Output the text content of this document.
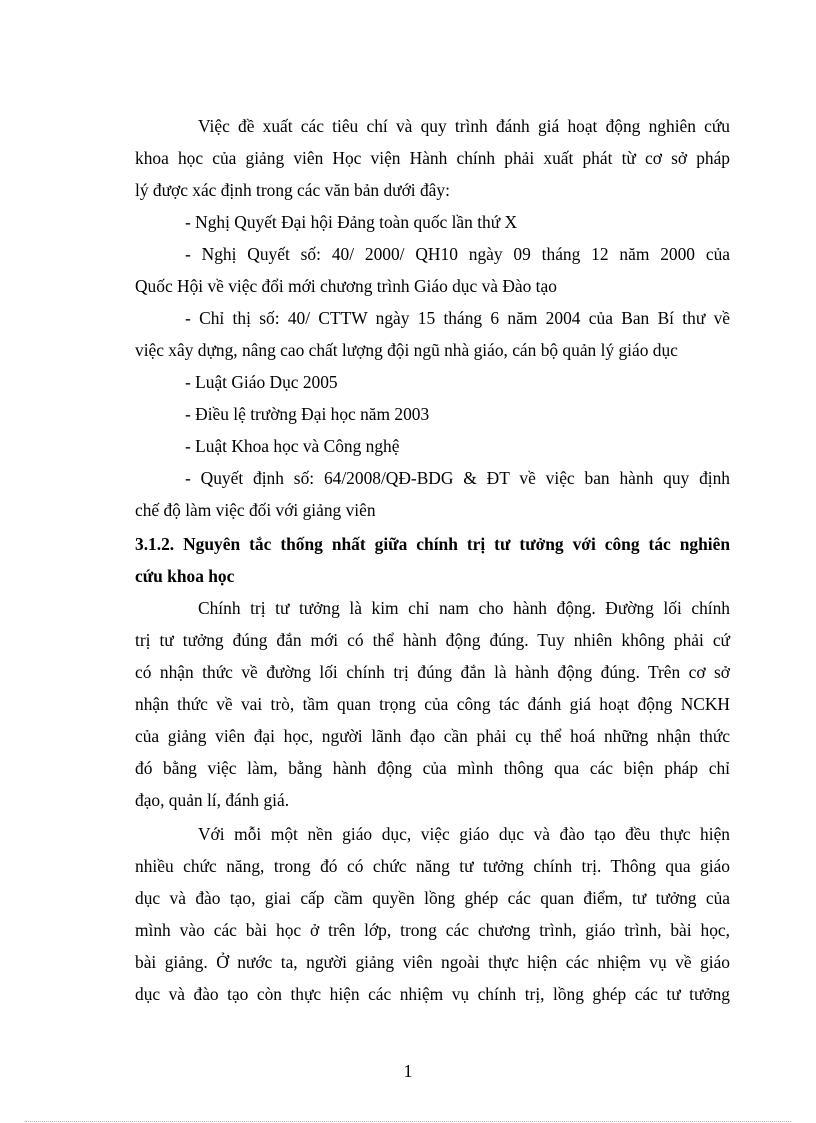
Việc đề xuất các tiêu chí và quy trình đánh giá hoạt động nghiên cứu
khoa học của giảng viên Học viện Hành chính phải xuất phát từ cơ sở pháp
lý được xác định trong các văn bản dưới đây:
- Nghị Quyết Đại hội Đảng toàn quốc lần thứ X
- Nghị Quyết số: 40/ 2000/ QH10 ngày 09 tháng 12 năm 2000 của
Quốc Hội về việc đổi mới chương trình Giáo dục và Đào tạo
- Chỉ thị số: 40/ CTTW ngày 15 tháng 6 năm 2004 của Ban Bí thư về
việc xây dựng, nâng cao chất lượng đội ngũ nhà giáo, cán bộ quản lý giáo dục
- Luật Giáo Dục 2005
- Điều lệ trường Đại học năm 2003
- Luật Khoa học và Công nghệ
- Quyết định số: 64/2008/QĐ-BDG & ĐT về việc ban hành quy định
chế độ làm việc đối với giảng viên
3.1.2. Nguyên tắc thống nhất giữa chính trị tư tưởng với công tác nghiên
cứu khoa học
Chính trị tư tưởng là kim chỉ nam cho hành động. Đường lối chính
trị tư tưởng đúng đắn mới có thể hành động đúng. Tuy nhiên không phải cứ
có nhận thức về đường lối chính trị đúng đắn là hành động đúng. Trên cơ sở
nhận thức về vai trò, tầm quan trọng của công tác đánh giá hoạt động NCKH
của giảng viên đại học, người lãnh đạo cần phải cụ thể hoá những nhận thức
đó bằng việc làm, bằng hành động của mình thông qua các biện pháp chỉ
đạo, quản lí, đánh giá.
Với mỗi một nền giáo dục, việc giáo dục và đào tạo đều thực hiện
nhiều chức năng, trong đó có chức năng tư tưởng chính trị. Thông qua giáo
dục và đào tạo, giai cấp cầm quyền lồng ghép các quan điểm, tư tưởng của
mình vào các bài học ở trên lớp, trong các chương trình, giáo trình, bài học,
bài giảng. Ở nước ta, người giảng viên ngoài thực hiện các nhiệm vụ về giáo
dục và đào tạo còn thực hiện các nhiệm vụ chính trị, lồng ghép các tư tưởng
1
